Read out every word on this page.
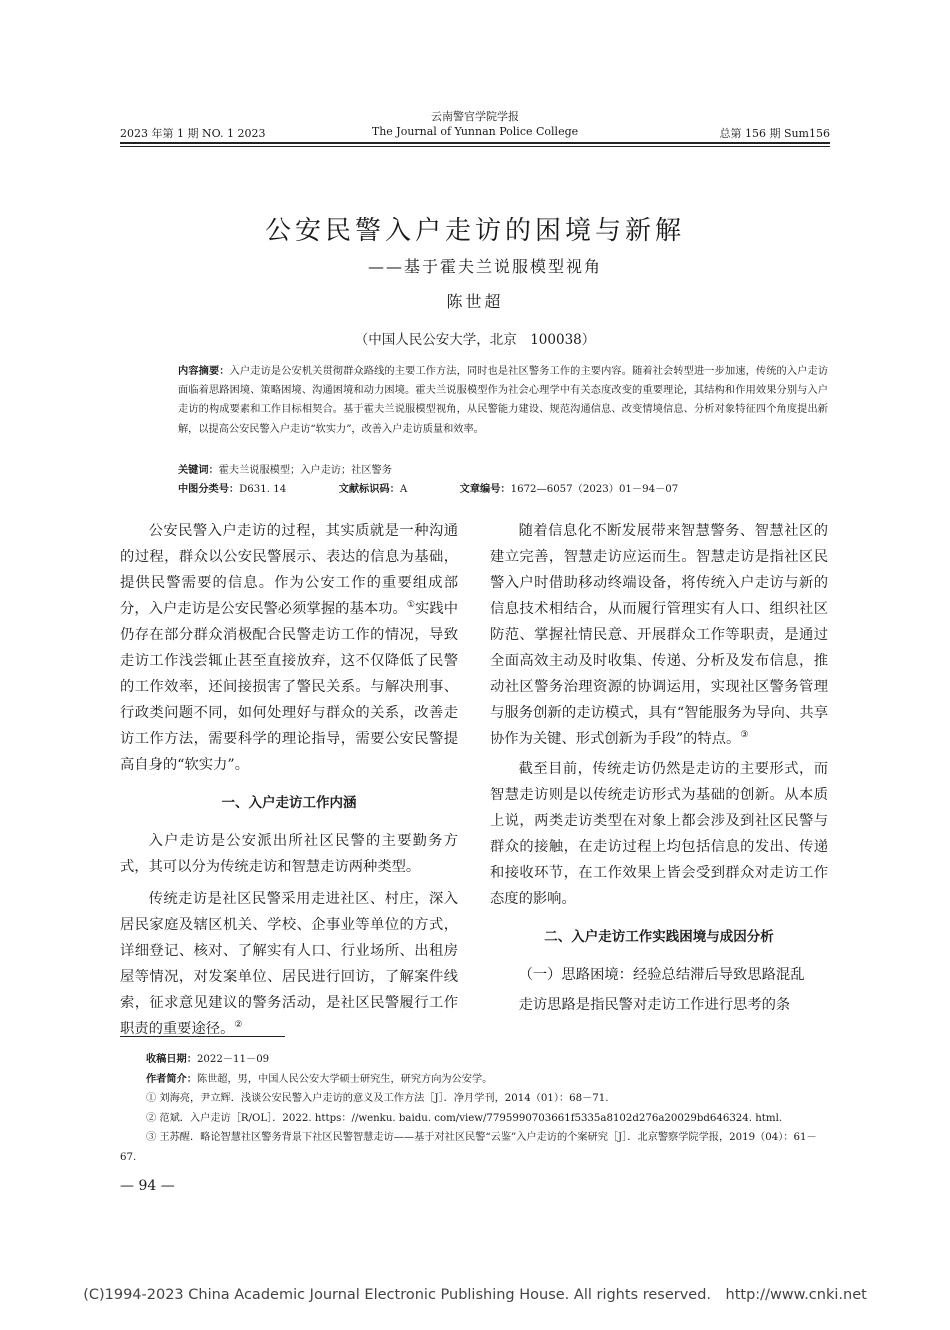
云南警官学院学报
2023 年第 1 期 NO. 1 2023	The Journal of Yunnan Police College	总第 156 期 Sum156
公安民警入户走访的困境与新解
——基于霍夫兰说服模型视角
陈世超
（中国人民公安大学，北京　100038）
内容摘要：入户走访是公安机关贯彻群众路线的主要工作方法，同时也是社区警务工作的主要内容。随着社会转型进一步加速，传统的入户走访面临着思路困境、策略困境、沟通困境和动力困境。霍夫兰说服模型作为社会心理学中有关态度改变的重要理论，其结构和作用效果分别与入户走访的构成要素和工作目标相契合。基于霍夫兰说服模型视角，从民警能力建设、规范沟通信息、改变情境信息、分析对象特征四个角度提出新解，以提高公安民警入户走访“软实力”，改善入户走访质量和效率。
关键词：霍夫兰说服模型；入户走访；社区警务
中图分类号：D631. 14	文献标识码：A	文章编号：1672—6057（2023）01－94－07

公安民警入户走访的过程，其实质就是一种沟通的过程，群众以公安民警展示、表达的信息为基础，提供民警需要的信息。作为公安工作的重要组成部分，入户走访是公安民警必须掌握的基本功。①实践中仍存在部分群众消极配合民警走访工作的情况，导致走访工作浅尝辄止甚至直接放弃，这不仅降低了民警的工作效率，还间接损害了警民关系。与解决刑事、行政类问题不同，如何处理好与群众的关系，改善走访工作方法，需要科学的理论指导，需要公安民警提高自身的“软实力”。

一、入户走访工作内涵

入户走访是公安派出所社区民警的主要勤务方式，其可以分为传统走访和智慧走访两种类型。

传统走访是社区民警采用走进社区、村庄，深入居民家庭及辖区机关、学校、企事业等单位的方式，详细登记、核对、了解实有人口、行业场所、出租房屋等情况，对发案单位、居民进行回访，了解案件线索，征求意见建议的警务活动，是社区民警履行工作职责的重要途径。②

随着信息化不断发展带来智慧警务、智慧社区的建立完善，智慧走访应运而生。智慧走访是指社区民警入户时借助移动终端设备，将传统入户走访与新的信息技术相结合，从而履行管理实有人口、组织社区防范、掌握社情民意、开展群众工作等职责，是通过全面高效主动及时收集、传递、分析及发布信息，推动社区警务治理资源的协调运用，实现社区警务管理与服务创新的走访模式，具有“智能服务为导向、共享协作为关键、形式创新为手段”的特点。③

截至目前，传统走访仍然是走访的主要形式，而智慧走访则是以传统走访形式为基础的创新。从本质上说，两类走访类型在对象上都会涉及到社区民警与群众的接触，在走访过程上均包括信息的发出、传递和接收环节，在工作效果上皆会受到群众对走访工作态度的影响。

二、入户走访工作实践困境与成因分析

（一）思路困境：经验总结滞后导致思路混乱

走访思路是指民警对走访工作进行思考的条

收稿日期：2022－11－09
作者简介：陈世超，男，中国人民公安大学硕士研究生，研究方向为公安学。
① 刘海亮，尹立辉．浅谈公安民警入户走访的意义及工作方法［J］．净月学刊，2014（01）：68－71.
② 范斌．入户走访［R/OL］．2022. https：//wenku. baidu. com/view/7795990703661f5335a8102d276a20029bd646324. html.
③ 王苏醒．略论智慧社区警务背景下社区民警智慧走访——基于对社区民警“云鉴”入户走访的个案研究［J］．北京警察学院学报，2019（04）：61－67.
— 94 —
(C)1994-2023 China Academic Journal Electronic Publishing House. All rights reserved.　http://www.cnki.net
